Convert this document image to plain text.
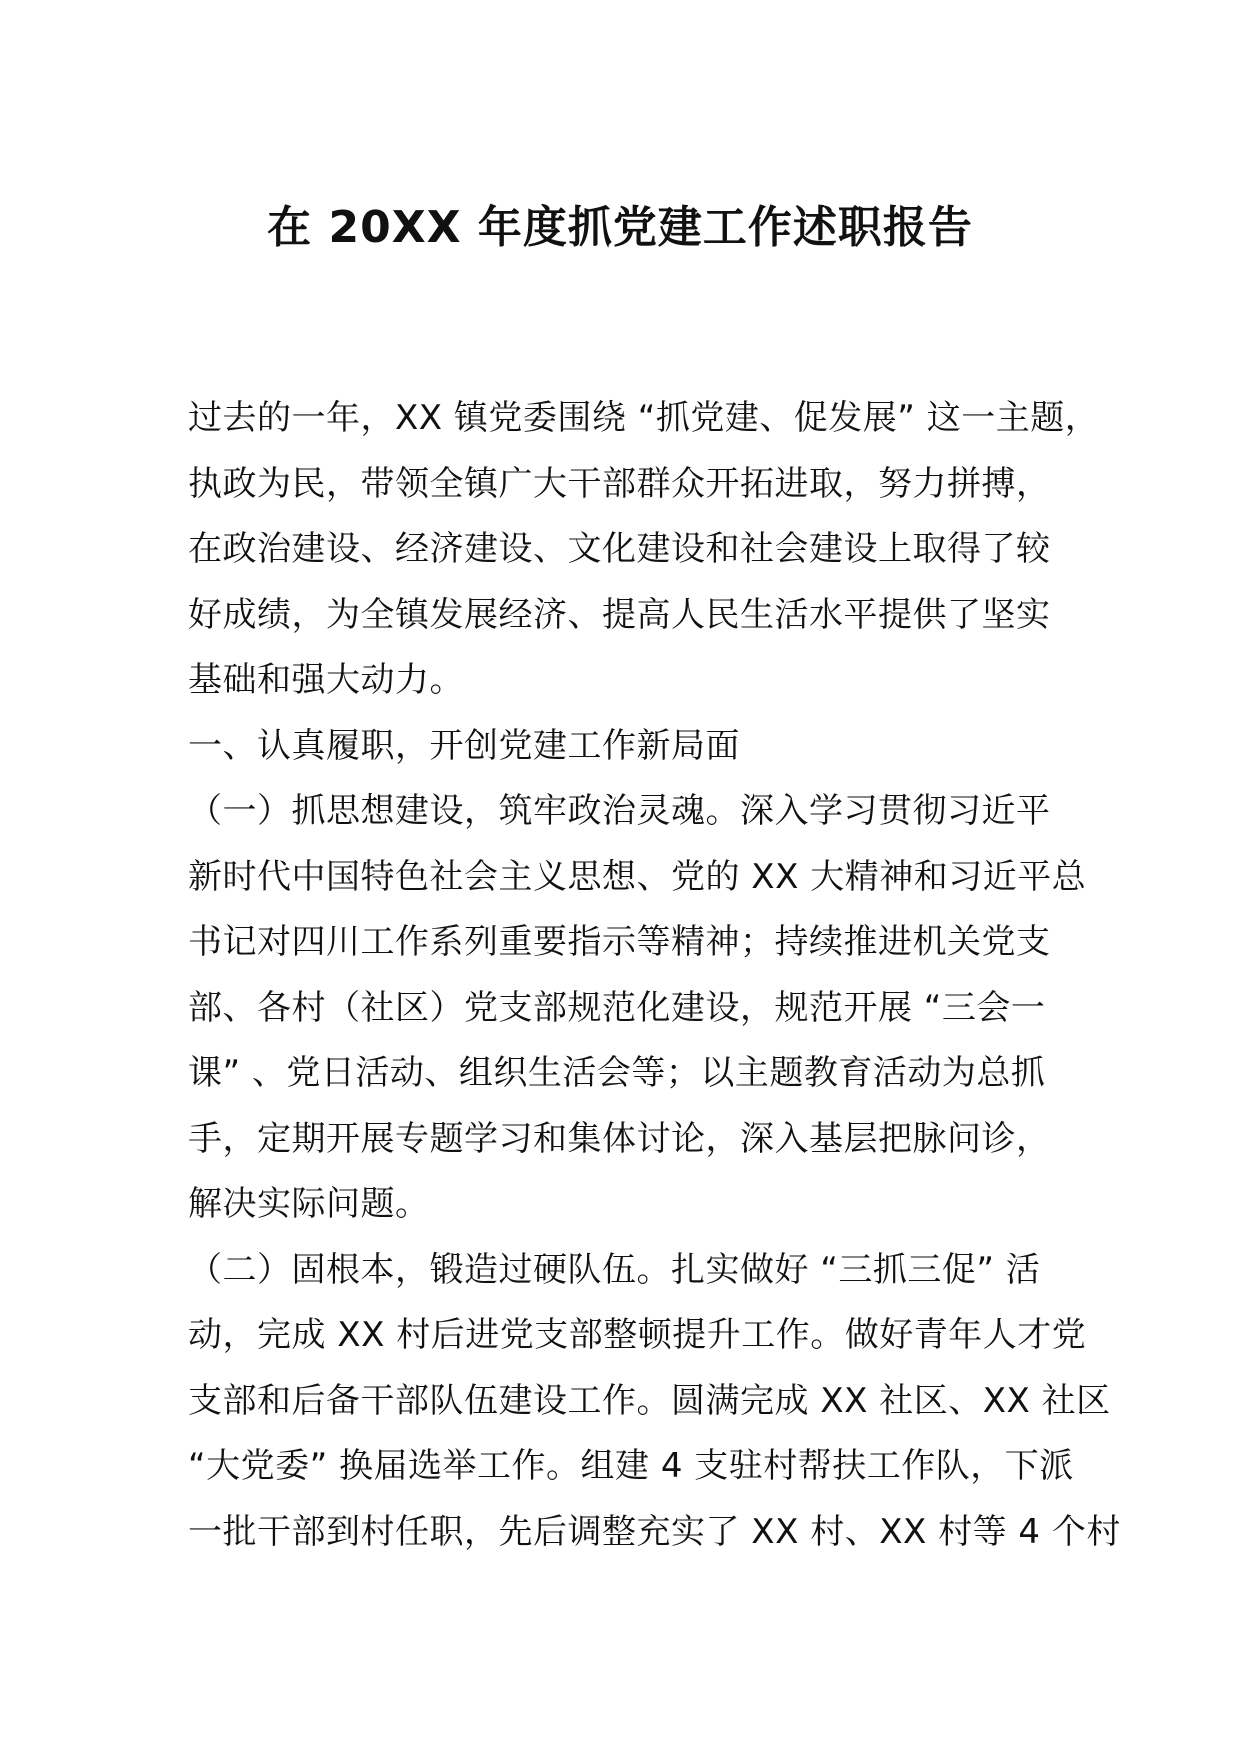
在 20XX 年度抓党建工作述职报告
过去的一年，XX 镇党委围绕 “抓党建、促发展” 这一主题，
执政为民，带领全镇广大干部群众开拓进取，努力拼搏，
在政治建设、经济建设、文化建设和社会建设上取得了较
好成绩，为全镇发展经济、提高人民生活水平提供了坚实
基础和强大动力。
一、认真履职，开创党建工作新局面
（一）抓思想建设，筑牢政治灵魂。深入学习贯彻习近平
新时代中国特色社会主义思想、党的 XX 大精神和习近平总
书记对四川工作系列重要指示等精神；持续推进机关党支
部、各村（社区）党支部规范化建设，规范开展 “三会一
课” 、党日活动、组织生活会等；以主题教育活动为总抓
手，定期开展专题学习和集体讨论，深入基层把脉问诊，
解决实际问题。
（二）固根本，锻造过硬队伍。扎实做好 “三抓三促” 活
动，完成 XX 村后进党支部整顿提升工作。做好青年人才党
支部和后备干部队伍建设工作。圆满完成 XX 社区、XX 社区
“大党委” 换届选举工作。组建 4 支驻村帮扶工作队，下派
一批干部到村任职，先后调整充实了 XX 村、XX 村等 4 个村
